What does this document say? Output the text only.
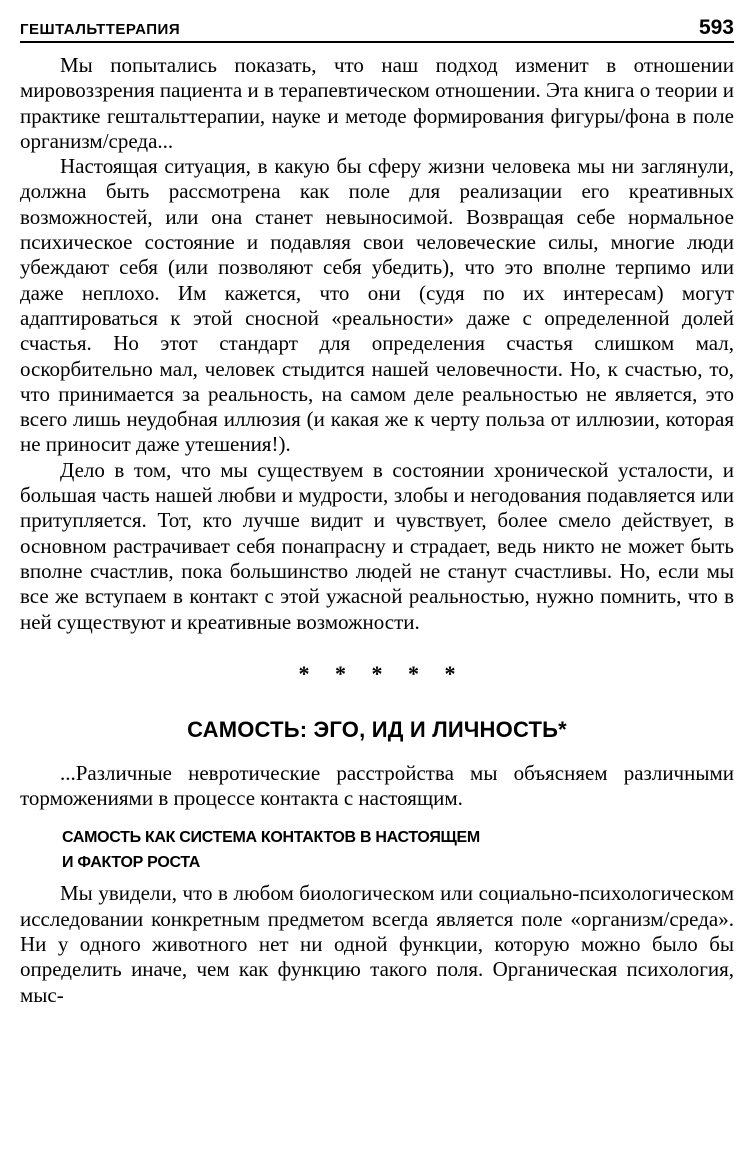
ГЕШТАЛЬТТЕРАПИЯ	593

Мы попытались показать, что наш подход изменит в отношении мировоззрения пациента и в терапевтическом отношении. Эта книга о теории и практике гештальттерапии, науке и методе формирования фигуры/фона в поле организм/среда...

Настоящая ситуация, в какую бы сферу жизни человека мы ни заглянули, должна быть рассмотрена как поле для реализации его креативных возможностей, или она станет невыносимой. Возвращая себе нормальное психическое состояние и подавляя свои человеческие силы, многие люди убеждают себя (или позволяют себя убедить), что это вполне терпимо или даже неплохо. Им кажется, что они (судя по их интересам) могут адаптироваться к этой сносной «реальности» даже с определенной долей счастья. Но этот стандарт для определения счастья слишком мал, оскорбительно мал, человек стыдится нашей человечности. Но, к счастью, то, что принимается за реальность, на самом деле реальностью не является, это всего лишь неудобная иллюзия (и какая же к черту польза от иллюзии, которая не приносит даже утешения!).

Дело в том, что мы существуем в состоянии хронической усталости, и большая часть нашей любви и мудрости, злобы и негодования подавляется или притупляется. Тот, кто лучше видит и чувствует, более смело действует, в основном растрачивает себя понапрасну и страдает, ведь никто не может быть вполне счастлив, пока большинство людей не станут счастливы. Но, если мы все же вступаем в контакт с этой ужасной реальностью, нужно помнить, что в ней существуют и креативные возможности.

* * * * *
САМОСТЬ: ЭГО, ИД И ЛИЧНОСТЬ*

...Различные невротические расстройства мы объясняем различными торможениями в процессе контакта с настоящим.

САМОСТЬ КАК СИСТЕМА КОНТАКТОВ В НАСТОЯЩЕМ
И ФАКТОР РОСТА

Мы увидели, что в любом биологическом или социально-психологическом исследовании конкретным предметом всегда является поле «организм/среда». Ни у одного животного нет ни одной функции, которую можно было бы определить иначе, чем как функцию такого поля. Органическая психология, мыс-
